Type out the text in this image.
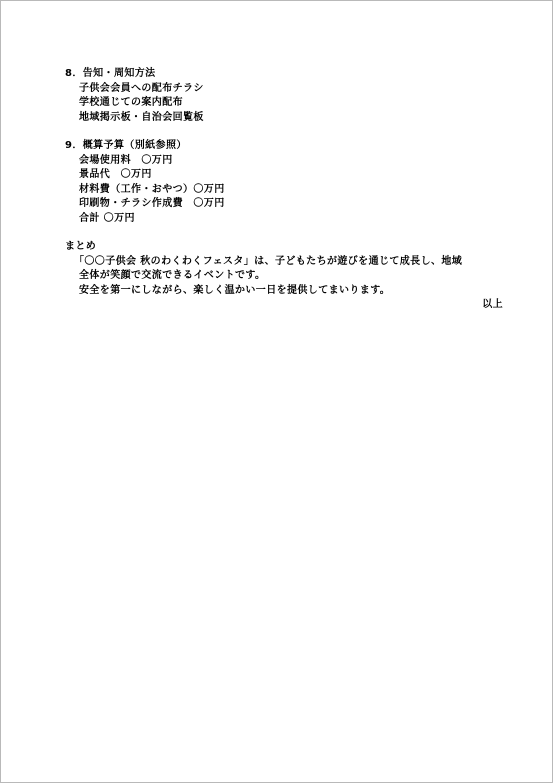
8．告知・周知方法
子供会会員への配布チラシ
学校通じての案内配布
地域掲示板・自治会回覧板
9．概算予算（別紙参照）
会場使用料　〇万円
景品代　〇万円
材料費（工作・おやつ）〇万円
印刷物・チラシ作成費　〇万円
合計 〇万円
まとめ
「〇〇子供会 秋のわくわくフェスタ」は、子どもたちが遊びを通じて成長し、地域
全体が笑顔で交流できるイベントです。
安全を第一にしながら、楽しく温かい一日を提供してまいります。
以上
